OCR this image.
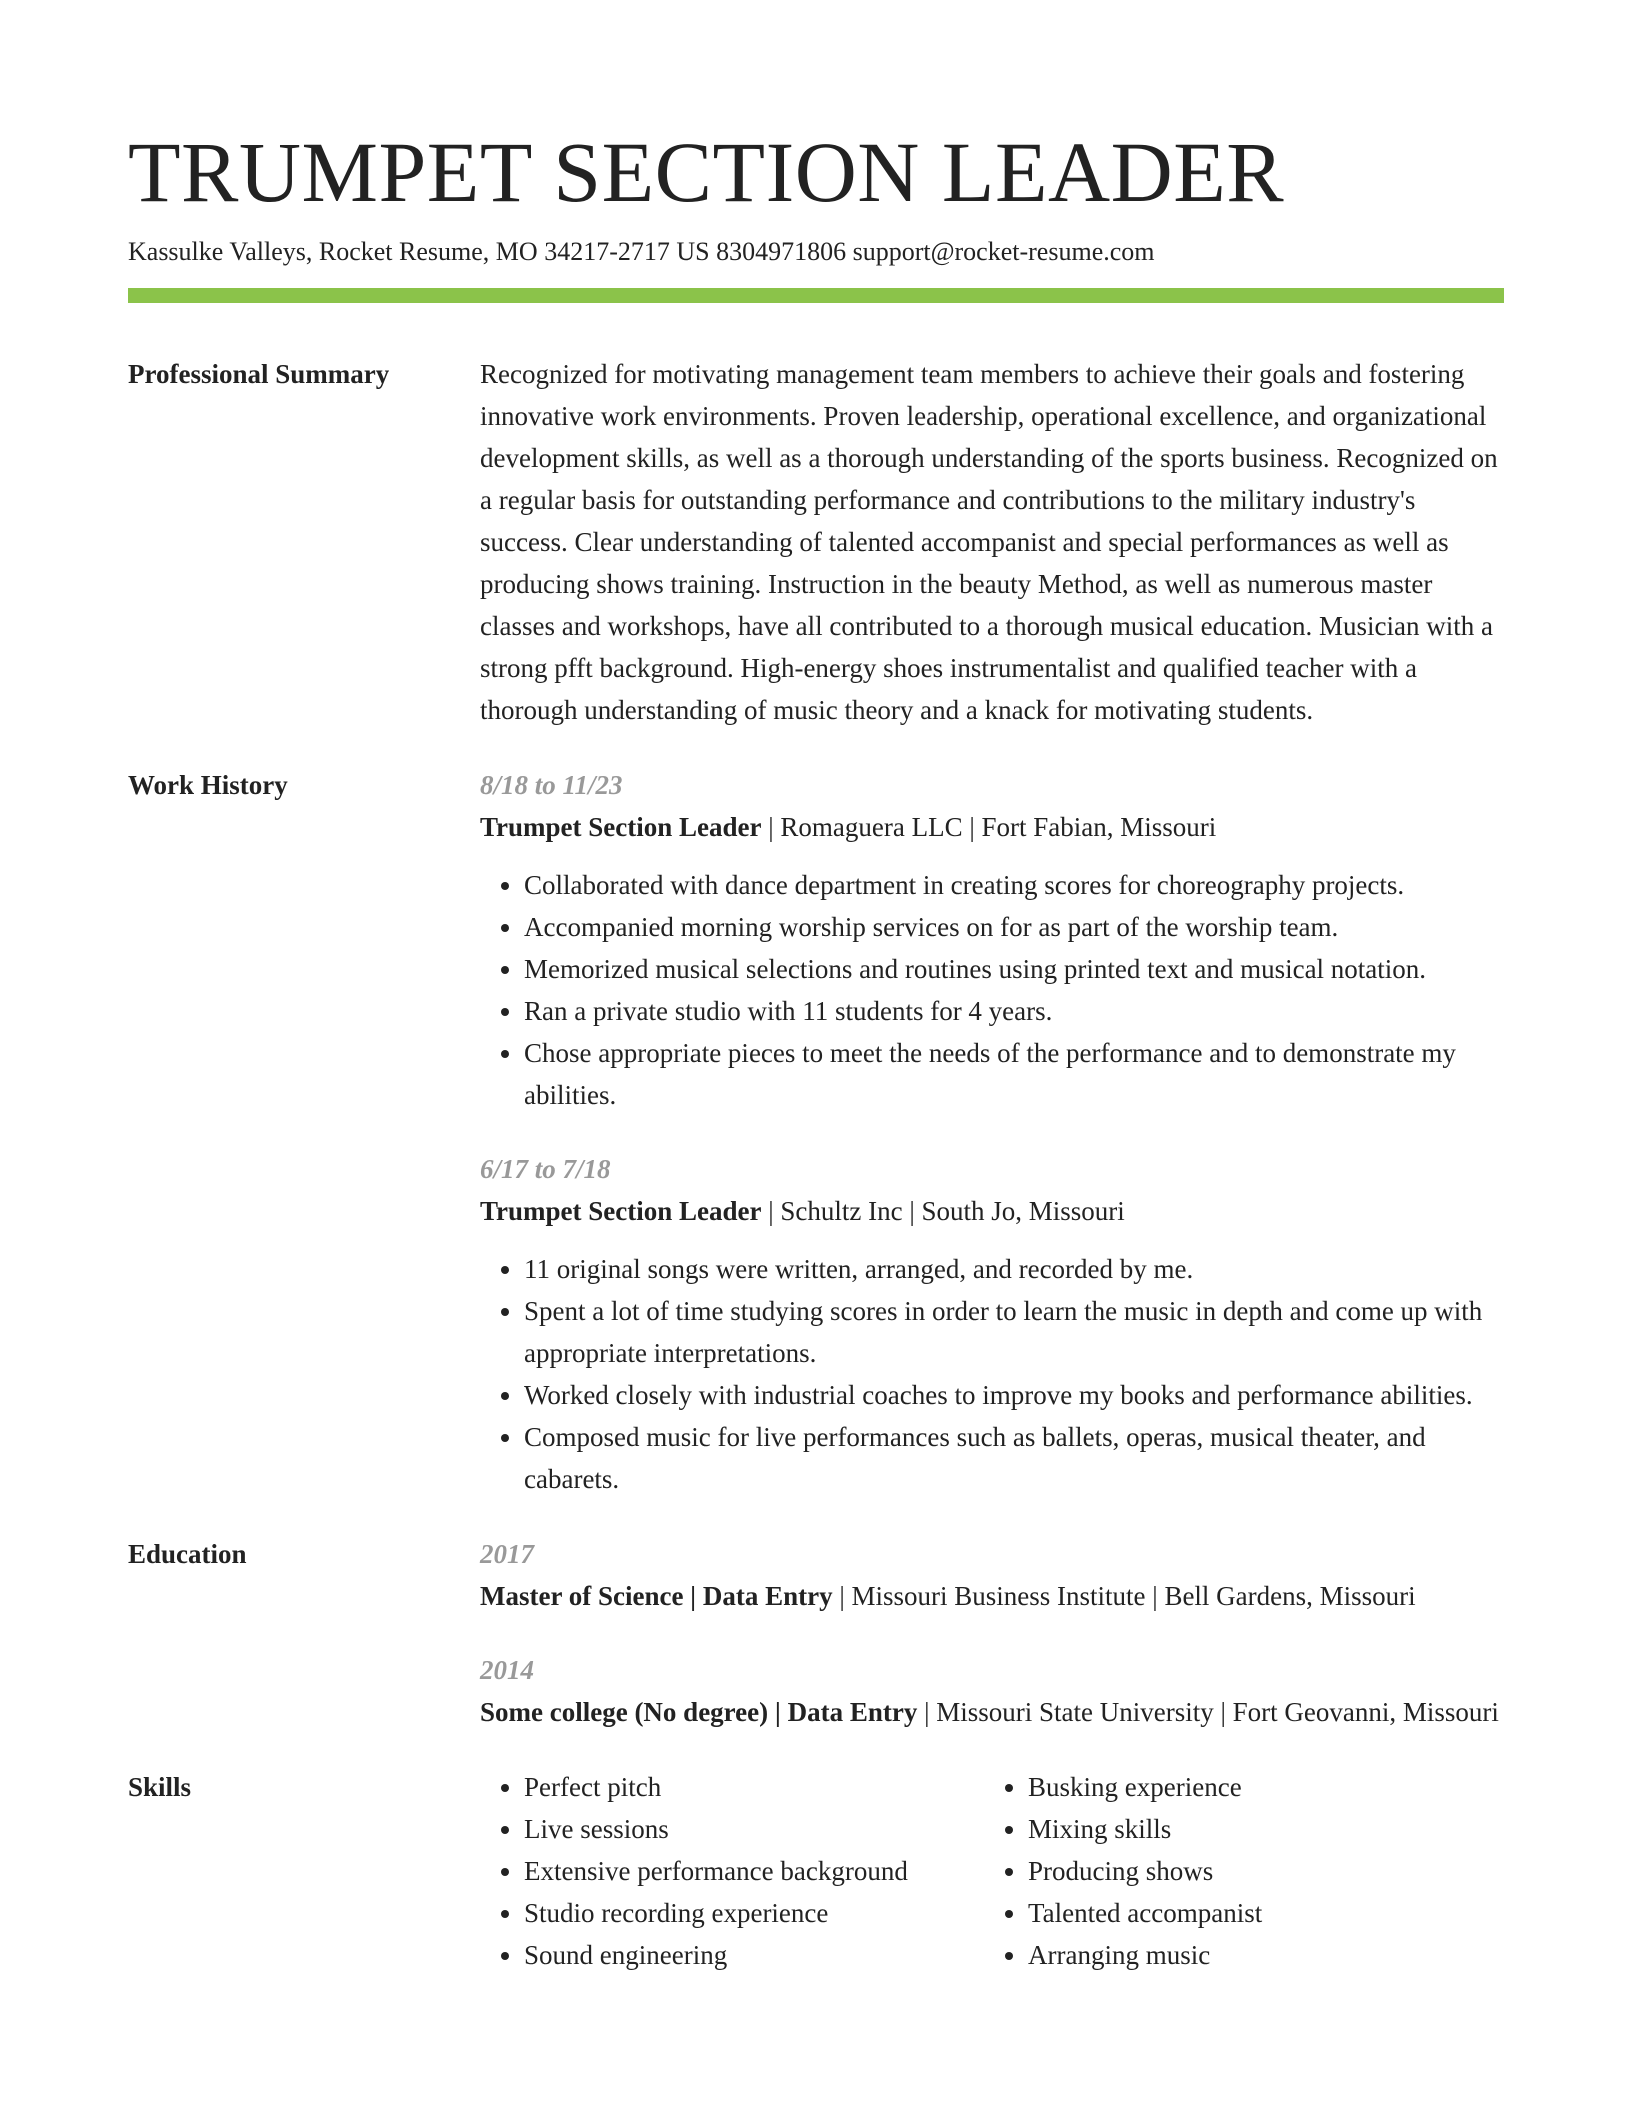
TRUMPET SECTION LEADER
Kassulke Valleys, Rocket Resume, MO 34217-2717 US 8304971806 support@rocket-resume.com
Professional Summary	Recognized for motivating management team members to achieve their goals and fostering innovative work environments. Proven leadership, operational excellence, and organizational development skills, as well as a thorough understanding of the sports business. Recognized on a regular basis for outstanding performance and contributions to the military industry's success. Clear understanding of talented accompanist and special performances as well as producing shows training. Instruction in the beauty Method, as well as numerous master classes and workshops, have all contributed to a thorough musical education. Musician with a strong pfft background. High-energy shoes instrumentalist and qualified teacher with a thorough understanding of music theory and a knack for motivating students.
Work History	8/18 to 11/23
Trumpet Section Leader | Romaguera LLC | Fort Fabian, Missouri
• Collaborated with dance department in creating scores for choreography projects.
• Accompanied morning worship services on for as part of the worship team.
• Memorized musical selections and routines using printed text and musical notation.
• Ran a private studio with 11 students for 4 years.
• Chose appropriate pieces to meet the needs of the performance and to demonstrate my abilities.
6/17 to 7/18
Trumpet Section Leader | Schultz Inc | South Jo, Missouri
• 11 original songs were written, arranged, and recorded by me.
• Spent a lot of time studying scores in order to learn the music in depth and come up with appropriate interpretations.
• Worked closely with industrial coaches to improve my books and performance abilities.
• Composed music for live performances such as ballets, operas, musical theater, and cabarets.
Education	2017
Master of Science | Data Entry | Missouri Business Institute | Bell Gardens, Missouri
2014
Some college (No degree) | Data Entry | Missouri State University | Fort Geovanni, Missouri
Skills
•	Perfect pitch
• Live sessions
• Extensive performance background
• Studio recording experience
• Sound engineering
• Busking experience
• Mixing skills
• Producing shows
• Talented accompanist
• Arranging music
